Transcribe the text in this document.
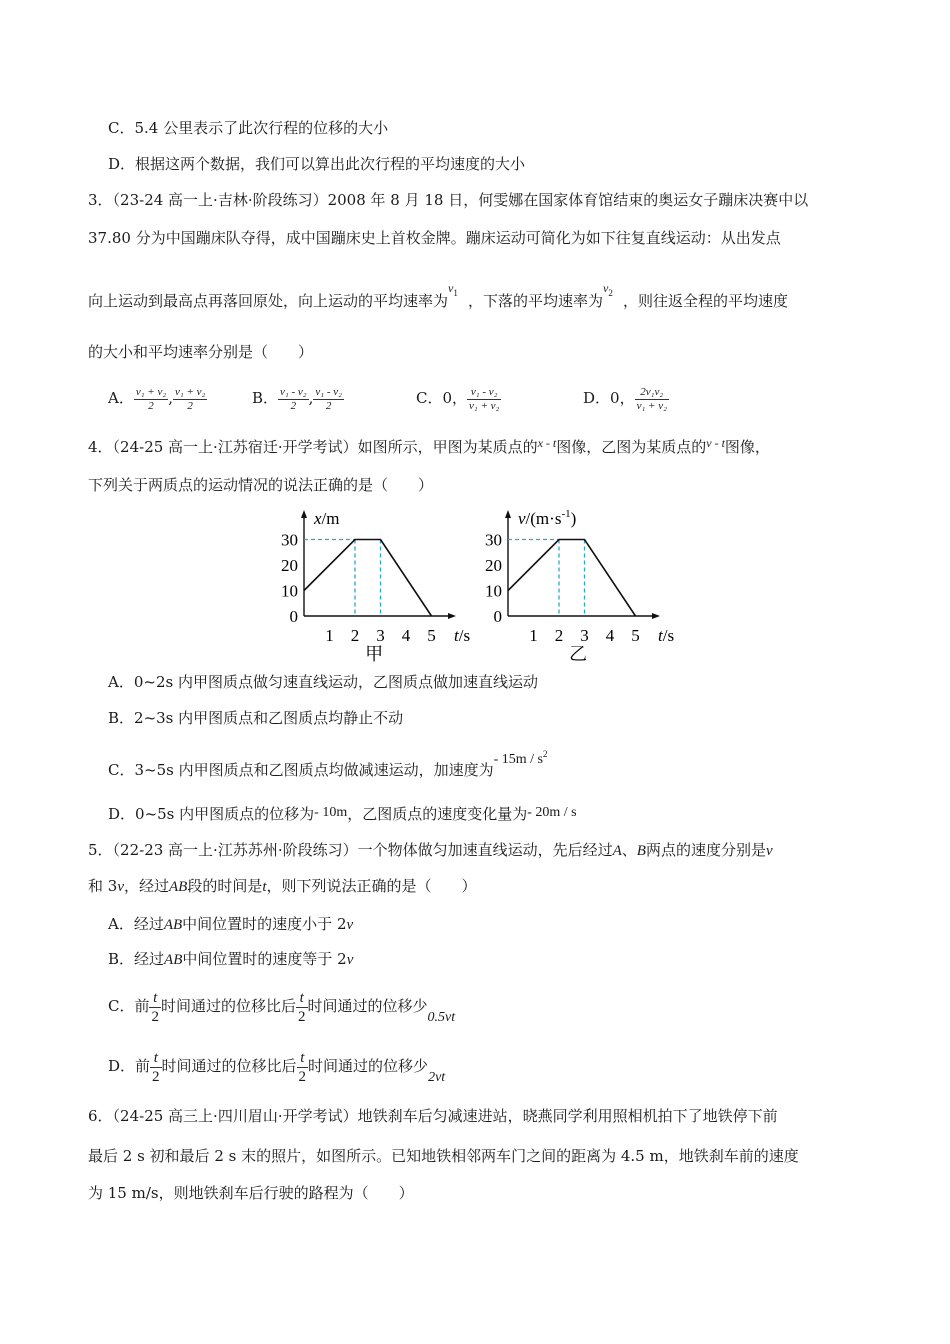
C．5.4 公里表示了此次行程的位移的大小
D．根据这两个数据，我们可以算出此次行程的平均速度的大小
3．（23-24 高一上·吉林·阶段练习）2008 年 8 月 18 日，何雯娜在国家体育馆结束的奥运女子蹦床决赛中以
37.80 分为中国蹦床队夺得，成中国蹦床史上首枚金牌。蹦床运动可简化为如下往复直线运动：从出发点
向上运动到最高点再落回原处，向上运动的平均速率为$v_1$ ，下落的平均速率为$v_2$ ，则往返全程的平均速度
的大小和平均速率分别是（　　）
A． $\frac{\text{v₁ + v₂}}{2}$ , $\frac{\text{v₁ + v₂}}{2}$	B． $\frac{\text{v₁ - v₂}}{2}$ , $\frac{\text{v₁ - v₂}}{2}$	C．0， $\frac{\text{v₁ - v₂}}{\text{v₁ + v₂}}$	D．0， $\frac{\text{2v₁v₂}}{\text{v₁ + v₂}}$
4．（24-25 高一上·江苏宿迁·开学考试）如图所示，甲图为某质点的$^{x - t}$图像，乙图为某质点的$^{v - t}$图像，
下列关于两质点的运动情况的说法正确的是（　　）
0
10
20
30
1 2 3 4 5
x/m
t/s
甲
0
10
20
30
1 2 3 4 5
$v/(m\cdot s^{-1})$
t/s
乙
A．0~2s 内甲图质点做匀速直线运动，乙图质点做加速直线运动
B．2~3s 内甲图质点和乙图质点均静止不动
C．3~5s 内甲图质点和乙图质点均做减速运动，加速度为- $15m / s^2$
D．0~5s 内甲图质点的位移为- 10m，乙图质点的速度变化量为- 20m / s
5．（22-23 高一上·江苏苏州·阶段练习）一个物体做匀加速直线运动，先后经过A、B两点的速度分别是v
和 3v，经过AB段的时间是t，则下列说法正确的是（　　）
A．经过AB中间位置时的速度小于 2v
B．经过AB中间位置时的速度等于 2v
C．前 $\frac{t}{2}$ 时间通过的位移比后 $\frac{t}{2}$ 时间通过的位移少0.5vt
D．前 $\frac{t}{2}$ 时间通过的位移比后 $\frac{t}{2}$ 时间通过的位移少2vt
6．（24-25 高三上·四川眉山·开学考试）地铁刹车后匀减速进站，晓燕同学利用照相机拍下了地铁停下前
最后 2 s 初和最后 2 s 末的照片，如图所示。已知地铁相邻两车门之间的距离为 4.5 m，地铁刹车前的速度
为 15 m/s，则地铁刹车后行驶的路程为（　　）
